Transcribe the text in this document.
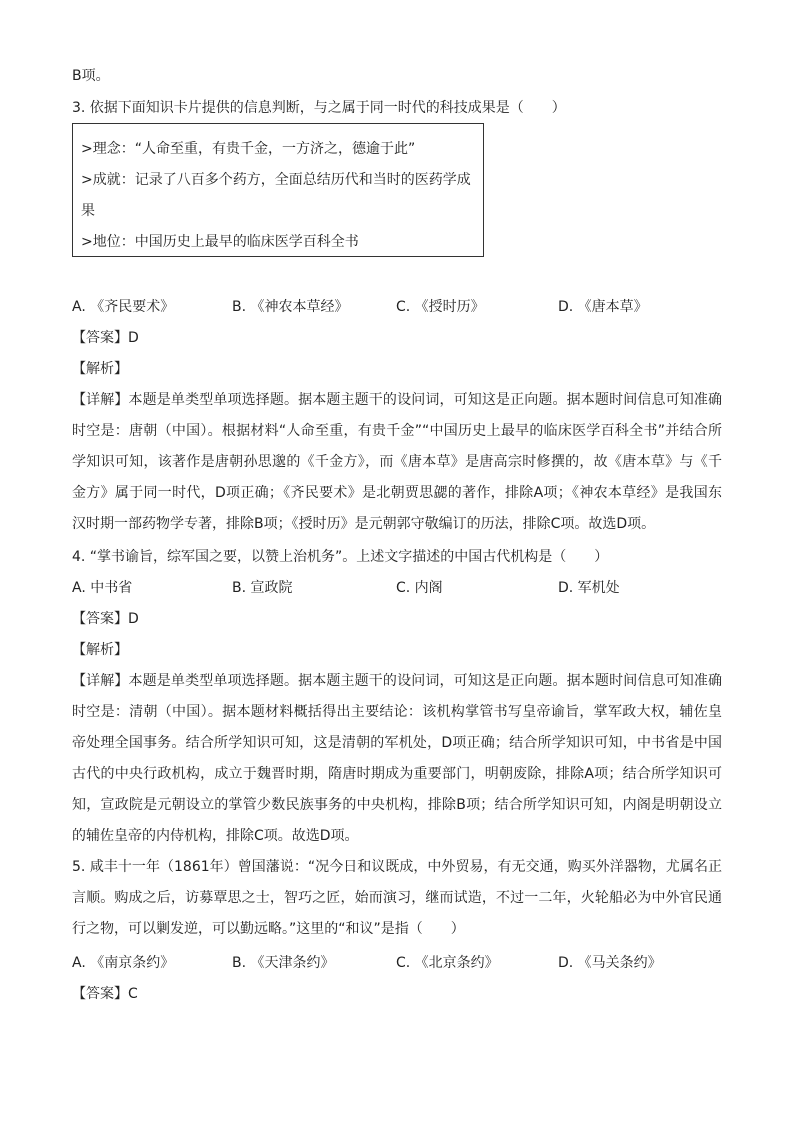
B项。
3. 依据下面知识卡片提供的信息判断，与之属于同一时代的科技成果是（　　）
>理念：“人命至重，有贵千金，一方济之，德逾于此”
>成就：记录了八百多个药方，全面总结历代和当时的医药学成
果
>地位：中国历史上最早的临床医学百科全书
A. 《齐民要术》	B. 《神农本草经》	C. 《授时历》	D. 《唐本草》
【答案】D
【解析】
【详解】本题是单类型单项选择题。据本题主题干的设问词，可知这是正向题。据本题时间信息可知准确时空是：唐朝（中国）。根据材料“人命至重，有贵千金”“中国历史上最早的临床医学百科全书”并结合所学知识可知，该著作是唐朝孙思邈的《千金方》，而《唐本草》是唐高宗时修撰的，故《唐本草》与《千金方》属于同一时代，D项正确；《齐民要术》是北朝贾思勰的著作，排除A项；《神农本草经》是我国东汉时期一部药物学专著，排除B项；《授时历》是元朝郭守敬编订的历法，排除C项。故选D项。
4. “掌书谕旨，综军国之要，以赞上治机务”。上述文字描述的中国古代机构是（　　）
A. 中书省	B. 宣政院	C. 内阁	D. 军机处
【答案】D
【解析】
【详解】本题是单类型单项选择题。据本题主题干的设问词，可知这是正向题。据本题时间信息可知准确时空是：清朝（中国）。据本题材料概括得出主要结论：该机构掌管书写皇帝谕旨，掌军政大权，辅佐皇帝处理全国事务。结合所学知识可知，这是清朝的军机处，D项正确；结合所学知识可知，中书省是中国古代的中央行政机构，成立于魏晋时期，隋唐时期成为重要部门，明朝废除，排除A项；结合所学知识可知，宣政院是元朝设立的掌管少数民族事务的中央机构，排除B项；结合所学知识可知，内阁是明朝设立的辅佐皇帝的内侍机构，排除C项。故选D项。
5. 咸丰十一年（1861年）曾国藩说：“况今日和议既成，中外贸易，有无交通，购买外洋器物，尤属名正言顺。购成之后，访募覃思之士，智巧之匠，始而演习，继而试造，不过一二年，火轮船必为中外官民通行之物，可以剿发逆，可以勤远略。”这里的“和议”是指（　　）
A. 《南京条约》	B. 《天津条约》	C. 《北京条约》	D. 《马关条约》
【答案】C
